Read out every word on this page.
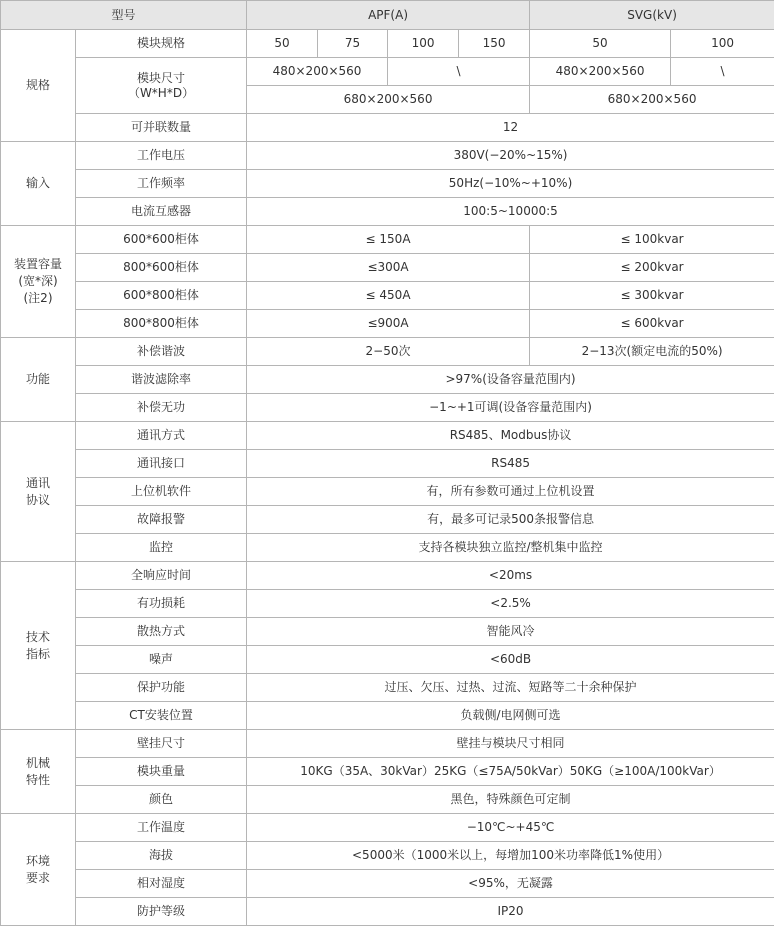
型号		APF(A)				SVG(kV)	
规格	模块规格	50	75	100	150	50	100

	模块尺寸
（W*H*D）	480×200×560		\		480×200×560	\
		680×200×560				680×200×560	
	可并联数量	12					
输入	工作电压	380V(−20%~15%)					
	工作频率	50Hz(−10%~+10%)					
	电流互感器	100:5~10000:5					
装置容量
(宽*深)
(注2)	600*600柜体	≤ 150A				≤ 100kvar	
	800*600柜体	≤300A				≤ 200kvar	
	600*800柜体	≤ 450A				≤ 300kvar	
	800*800柜体	≤900A				≤ 600kvar	
功能	补偿谐波	2−50次				2−13次(额定电流的50%)	
	谐波滤除率	>97%(设备容量范围内)					
	补偿无功	−1~+1可调(设备容量范围内)					
通讯
协议	通讯方式	RS485、Modbus协议					
	通讯接口	RS485					
	上位机软件	有，所有参数可通过上位机设置					
	故障报警	有，最多可记录500条报警信息					
	监控	支持各模块独立监控/整机集中监控					
技术
指标	全响应时间	<20ms					
	有功损耗	<2.5%					
	散热方式	智能风冷					
	噪声	<60dB					
	保护功能	过压、欠压、过热、过流、短路等二十余种保护					
	CT安装位置	负载侧/电网侧可选					
机械
特性	壁挂尺寸	壁挂与模块尺寸相同					
	模块重量	10KG（35A、30kVar）25KG（≤75A/50kVar）50KG（≥100A/100kVar）					
	颜色	黑色，特殊颜色可定制					
环境
要求	工作温度	−10℃~+45℃					
	海拔	<5000米（1000米以上，每增加100米功率降低1%使用）					
	相对湿度	<95%，无凝露					
	防护等级	IP20					
